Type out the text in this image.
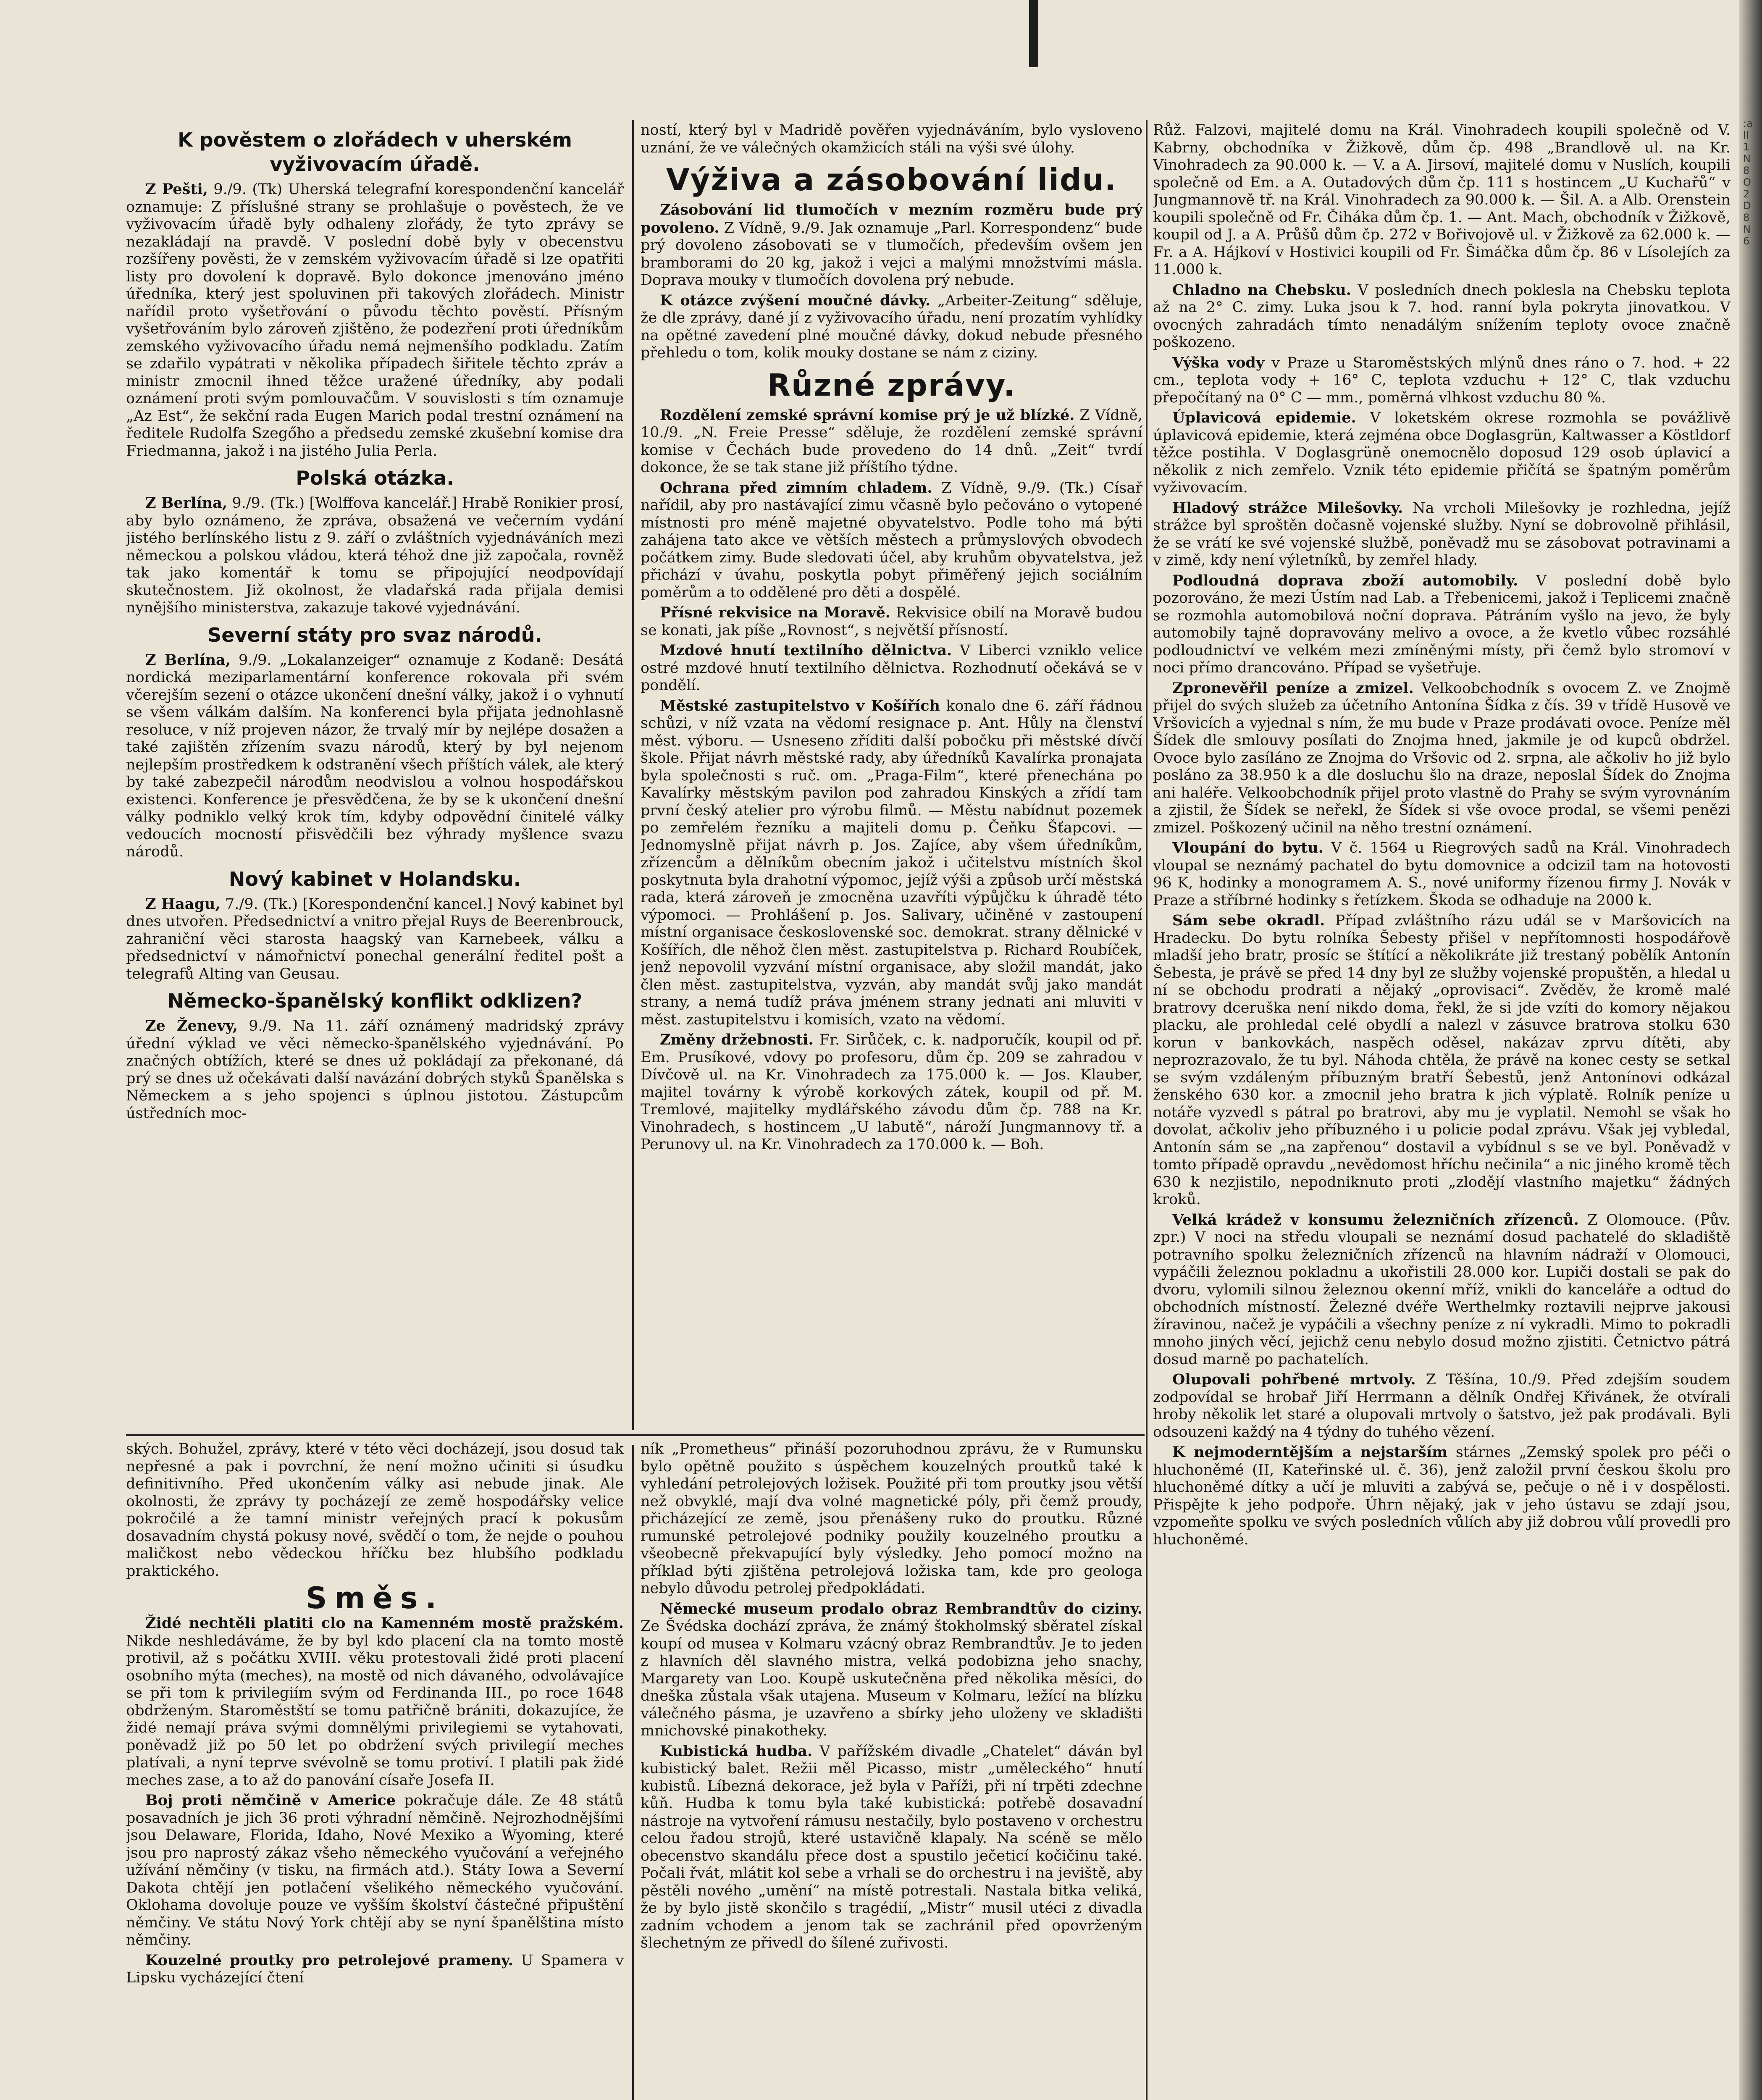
:a ll 1 N 8 O 2 D 8 N 6
K pověstem o zlořádech v uherském vyživovacím úřadě.

Z Pešti, 9./9. (Tk) Uherská telegrafní korespondenční kancelář oznamuje: Z příslušné strany se prohlašuje o pověstech, že ve vyživovacím úřadě byly odhaleny zlořády, že tyto zprávy se nezakládají na pravdě. V poslední době byly v obecenstvu rozšířeny pověsti, že v zemském vyživovacím úřadě si lze opatřiti listy pro dovolení k dopravě. Bylo dokonce jmenováno jméno úředníka, který jest spoluvinen při takových zlořádech. Ministr nařídil proto vyšetřování o původu těchto pověstí. Přísným vyšetřováním bylo zároveň zjištěno, že podezření proti úředníkům zemského vyživovacího úřadu nemá nejmenšího podkladu. Zatím se zdařilo vypátrati v několika případech šiřitele těchto zpráv a ministr zmocnil ihned těžce uražené úředníky, aby podali oznámení proti svým pomlouvačům. V souvislosti s tím oznamuje „Az Est“, že sekční rada Eugen Marich podal trestní oznámení na ředitele Rudolfa Szegőho a předsedu zemské zkušební komise dra Friedmanna, jakož i na jistého Julia Perla.

Polská otázka.

Z Berlína, 9./9. (Tk.) [Wolffova kancelář.] Hrabě Ronikier prosí, aby bylo oznámeno, že zpráva, obsažená ve večerním vydání jistého berlínského listu z 9. září o zvláštních vyjednáváních mezi německou a polskou vládou, která téhož dne již započala, rovněž tak jako komentář k tomu se připojující neodpovídají skutečnostem. Již okolnost, že vladařská rada přijala demisi nynějšího ministerstva, zakazuje takové vyjednávání.

Severní státy pro svaz národů.

Z Berlína, 9./9. „Lokalanzeiger“ oznamuje z Kodaně: Desátá nordická meziparlamentární konference rokovala při svém včerejším sezení o otázce ukončení dnešní války, jakož i o vyhnutí se všem válkám dalším. Na konferenci byla přijata jednohlasně resoluce, v níž projeven názor, že trvalý mír by nejlépe dosažen a také zajištěn zřízením svazu národů, který by byl nejenom nejlepším prostředkem k odstranění všech příštích válek, ale který by také zabezpečil národům neodvislou a volnou hospodářskou existenci. Konference je přesvědčena, že by se k ukončení dnešní války podniklo velký krok tím, kdyby odpovědní činitelé války vedoucích mocností přisvědčili bez výhrady myšlence svazu národů.

Nový kabinet v Holandsku.

Z Haagu, 7./9. (Tk.) [Korespondenční kancel.] Nový kabinet byl dnes utvořen. Předsednictví a vnitro přejal Ruys de Beerenbrouck, zahraniční věci starosta haagský van Karnebeek, válku a předsednictví v námořnictví ponechal generální ředitel pošt a telegrafů Alting van Geusau.

Německo-španělský konflikt odklizen?

Ze Ženevy, 9./9. Na 11. září oznámený madridský zprávy úřední výklad ve věci německo-španělského vyjednávání. Po značných obtížích, které se dnes už pokládají za překonané, dá prý se dnes už očekávati další navázání dobrých styků Španělska s Německem a s jeho spojenci s úplnou jistotou. Zástupcům ústředních moc-

ností, který byl v Madridě pověřen vyjednáváním, bylo vysloveno uznání, že ve válečných okamžicích stáli na výši své úlohy.

Výživa a zásobování lidu.

Zásobování lid tlumočích v mezním rozměru bude prý povoleno. Z Vídně, 9./9. Jak oznamuje „Parl. Korrespondenz“ bude prý dovoleno zásobovati se v tlumočích, především ovšem jen bramborami do 20 kg, jakož i vejci a malými množstvími másla. Doprava mouky v tlumočích dovolena prý nebude.

K otázce zvýšení moučné dávky. „Arbeiter-Zeitung“ sděluje, že dle zprávy, dané jí z vyživovacího úřadu, není prozatím vyhlídky na opětné zavedení plné moučné dávky, dokud nebude přesného přehledu o tom, kolik mouky dostane se nám z ciziny.

Různé zprávy.

Rozdělení zemské správní komise prý je už blízké. Z Vídně, 10./9. „N. Freie Presse“ sděluje, že rozdělení zemské správní komise v Čechách bude provedeno do 14 dnů. „Zeit“ tvrdí dokonce, že se tak stane již příštího týdne.

Ochrana před zimním chladem. Z Vídně, 9./9. (Tk.) Císař nařídil, aby pro nastávající zimu včasně bylo pečováno o vytopené místnosti pro méně majetné obyvatelstvo. Podle toho má býti zahájena tato akce ve větších městech a průmyslových obvodech počátkem zimy. Bude sledovati účel, aby kruhům obyvatelstva, jež přichází v úvahu, poskytla pobyt přiměřený jejich sociálním poměrům a to oddělené pro děti a dospělé.

Přísné rekvisice na Moravě. Rekvisice obilí na Moravě budou se konati, jak píše „Rovnost“, s největší přísností.

Mzdové hnutí textilního dělnictva. V Liberci vzniklo velice ostré mzdové hnutí textilního dělnictva. Rozhodnutí očekává se v pondělí.

Městské zastupitelstvo v Košířích konalo dne 6. září řádnou schůzi, v níž vzata na vědomí resignace p. Ant. Hůly na členství měst. výboru. — Usneseno zříditi další pobočku při městské dívčí škole. Přijat návrh městské rady, aby úředníků Kavalírka pronajata byla společnosti s ruč. om. „Praga-Film“, které přenechána po Kavalírky městským pavilon pod zahradou Kinských a zřídí tam první český atelier pro výrobu filmů. — Městu nabídnut pozemek po zemřelém řezníku a majiteli domu p. Čeňku Šťapcovi. — Jednomyslně přijat návrh p. Jos. Zajíce, aby všem úředníkům, zřízencům a dělníkům obecním jakož i učitelstvu místních škol poskytnuta byla drahotní výpomoc, jejíž výši a způsob určí městská rada, která zároveň je zmocněna uzavříti výpůjčku k úhradě této výpomoci. — Prohlášení p. Jos. Salivary, učiněné v zastoupení místní organisace československé soc. demokrat. strany dělnické v Košířích, dle něhož člen měst. zastupitelstva p. Richard Roubíček, jenž nepovolil vyzvání místní organisace, aby složil mandát, jako člen měst. zastupitelstva, vyzván, aby mandát svůj jako mandát strany, a nemá tudíž práva jménem strany jednati ani mluviti v měst. zastupitelstvu i komisích, vzato na vědomí.

Změny držebnosti. Fr. Sirůček, c. k. nadporučík, koupil od př. Em. Prusíkové, vdovy po profesoru, dům čp. 209 se zahradou v Dívčově ul. na Kr. Vinohradech za 175.000 k. — Jos. Klauber, majitel továrny k výrobě korkových zátek, koupil od př. M. Tremlové, majitelky mydlářského závodu dům čp. 788 na Kr. Vinohradech, s hostincem „U labutě“, nároží Jungmannovy tř. a Perunovy ul. na Kr. Vinohradech za 170.000 k. — Boh.

Růž. Falzovi, majitelé domu na Král. Vinohradech koupili společně od V. Kabrny, obchodníka v Žižkově, dům čp. 498 „Brandlově ul. na Kr. Vinohradech za 90.000 k. — V. a A. Jirsoví, majitelé domu v Nuslích, koupili společně od Em. a A. Outadových dům čp. 111 s hostincem „U Kuchařů“ v Jungmannově tř. na Král. Vinohradech za 90.000 k. — Šil. A. a Alb. Orenstein koupili společně od Fr. Čiháka dům čp. 1. — Ant. Mach, obchodník v Žižkově, koupil od J. a A. Průšů dům čp. 272 v Bořivojově ul. v Žižkově za 62.000 k. — Fr. a A. Hájkoví v Hostivici koupili od Fr. Šimáčka dům čp. 86 v Lísolejích za 11.000 k.

Chladno na Chebsku. V posledních dnech poklesla na Chebsku teplota až na 2° C. zimy. Luka jsou k 7. hod. ranní byla pokryta jinovatkou. V ovocných zahradách tímto nenadálým snížením teploty ovoce značně poškozeno.

Výška vody v Praze u Staroměstských mlýnů dnes ráno o 7. hod. + 22 cm., teplota vody + 16° C, teplota vzduchu + 12° C, tlak vzduchu přepočítaný na 0° C — mm., poměrná vlhkost vzduchu 80 %.

Úplavicová epidemie. V loketském okrese rozmohla se povážlivě úplavicová epidemie, která zejména obce Doglasgrün, Kaltwasser a Köstldorf těžce postihla. V Doglasgrüně onemocnělo doposud 129 osob úplavicí a několik z nich zemřelo. Vznik této epidemie přičítá se špatným poměrům vyživovacím.

Hladový strážce Milešovky. Na vrcholi Milešovky je rozhledna, jejíž strážce byl sproštěn dočasně vojenské služby. Nyní se dobrovolně přihlásil, že se vrátí ke své vojenské službě, poněvadž mu se zásobovat potravinami a v zimě, kdy není výletníků, by zemřel hlady.

Podloudná doprava zboží automobily. V poslední době bylo pozorováno, že mezi Ústím nad Lab. a Třebenicemi, jakož i Teplicemi značně se rozmohla automobilová noční doprava. Pátráním vyšlo na jevo, že byly automobily tajně dopravovány melivo a ovoce, a že kvetlo vůbec rozsáhlé podloudnictví ve velkém mezi zmíněnými místy, při čemž bylo stromoví v noci přímo drancováno. Případ se vyšetřuje.

Zpronevěřil peníze a zmizel. Velkoobchodník s ovocem Z. ve Znojmě přijel do svých služeb za účetního Antonína Šídka z čís. 39 v třídě Husově ve Vršovicích a vyjednal s ním, že mu bude v Praze prodávati ovoce. Peníze měl Šídek dle smlouvy posílati do Znojma hned, jakmile je od kupců obdržel. Ovoce bylo zasíláno ze Znojma do Vršovic od 2. srpna, ale ačkoliv ho již bylo posláno za 38.950 k a dle dosluchu šlo na draze, neposlal Šídek do Znojma ani haléře. Velkoobchodník přijel proto vlastně do Prahy se svým vyrovnáním a zjistil, že Šídek se neřekl, že Šídek si vše ovoce prodal, se všemi penězi zmizel. Poškozený učinil na něho trestní oznámení.

Vloupání do bytu. V č. 1564 u Riegrových sadů na Král. Vinohradech vloupal se neznámý pachatel do bytu domovnice a odcizil tam na hotovosti 96 K, hodinky a monogramem A. S., nové uniformy řízenou firmy J. Novák v Praze a stříbrné hodinky s řetízkem. Škoda se odhaduje na 2000 k.

Sám sebe okradl. Případ zvláštního rázu udál se v Maršovicích na Hradecku. Do bytu rolníka Šebesty přišel v nepřítomnosti hospodářově mladší jeho bratr, prosíc se štítící a několikráte již trestaný pobělík Antonín Šebesta, je právě se před 14 dny byl ze služby vojenské propuštěn, a hledal u ní se obchodu prodrati a nějaký „oprovisaci“. Zvěděv, že kromě malé bratrovy dceruška není nikdo doma, řekl, že si jde vzíti do komory nějakou placku, ale prohledal celé obydlí a nalezl v zásuvce bratrova stolku 630 korun v bankovkách, naspěch oděsel, nakázav zprvu dítěti, aby neprozrazovalo, že tu byl. Náhoda chtěla, že právě na konec cesty se setkal se svým vzdáleným příbuzným bratří Šebestů, jenž Antonínovi odkázal ženského 630 kor. a zmocnil jeho bratra k jich výplatě. Rolník peníze u notáře vyzvedl s pátral po bratrovi, aby mu je vyplatil. Nemohl se však ho dovolat, ačkoliv jeho příbuzného i u policie podal zprávu. Však jej vybledal, Antonín sám se „na zapřenou“ dostavil a vybídnul s se ve byl. Poněvadž v tomto případě opravdu „nevědomost hříchu nečinila“ a nic jiného kromě těch 630 k nezjistilo, nepodniknuto proti „zlodějí vlastního majetku“ žádných kroků.

Velká krádež v konsumu železničních zřízenců. Z Olomouce. (Pův. zpr.) V noci na středu vloupali se neznámí dosud pachatelé do skladiště potravního spolku železničních zřízenců na hlavním nádraží v Olomouci, vypáčili železnou pokladnu a ukořistili 28.000 kor. Lupiči dostali se pak do dvoru, vylomili silnou železnou okenní mříž, vnikli do kanceláře a odtud do obchodních místností. Železné dvéře Werthelmky roztavili nejprve jakousi žíravinou, načež je vypáčili a všechny peníze z ní vykradli. Mimo to pokradli mnoho jiných věcí, jejichž cenu nebylo dosud možno zjistiti. Četnictvo pátrá dosud marně po pachatelích.

Olupovali pohřbené mrtvoly. Z Těšína, 10./9. Před zdejším soudem zodpovídal se hrobař Jiří Herrmann a dělník Ondřej Křivánek, že otvírali hroby několik let staré a olupovali mrtvoly o šatstvo, jež pak prodávali. Byli odsouzeni každý na 4 týdny do tuhého vězení.

K nejmoderntějším a nejstarším stárnes „Zemský spolek pro péči o hluchoněmé (II, Kateřinské ul. č. 36), jenž založil první českou školu pro hluchoněmé dítky a učí je mluviti a zabývá se, pečuje o ně i v dospělosti. Přispějte k jeho podpoře. Úhrn nějaký, jak v jeho ústavu se zdají jsou, vzpomeňte spolku ve svých posledních vůlích aby již dobrou vůlí provedli pro hluchoněmé.

ských. Bohužel, zprávy, které v této věci docházejí, jsou dosud tak nepřesné a pak i povrchní, že není možno učiniti si úsudku definitivního. Před ukončením války asi nebude jinak. Ale okolnosti, že zprávy ty pocházejí ze země hospodářsky velice pokročilé a že tamní ministr veřejných prací k pokusům dosavadním chystá pokusy nové, svědčí o tom, že nejde o pouhou maličkost nebo vědeckou hříčku bez hlubšího podkladu praktického.

Směs.

Židé nechtěli platiti clo na Kamenném mostě pražském. Nikde neshledáváme, že by byl kdo placení cla na tomto mostě protivil, až s počátku XVIII. věku protestovali židé proti placení osobního mýta (meches), na mostě od nich dávaného, odvolávajíce se při tom k privilegiím svým od Ferdinanda III., po roce 1648 obdrženým. Staroměstští se tomu patřičně brániti, dokazujíce, že židé nemají práva svými domnělými privilegiemi se vytahovati, poněvadž již po 50 let po obdržení svých privilegií meches platívali, a nyní teprve svévolně se tomu protiví. I platili pak židé meches zase, a to až do panování císaře Josefa II.

Boj proti němčině v Americe pokračuje dále. Ze 48 států posavadních je jich 36 proti výhradní němčině. Nejrozhodnějšími jsou Delaware, Florida, Idaho, Nové Mexiko a Wyoming, které jsou pro naprostý zákaz všeho německého vyučování a veřejného užívání němčiny (v tisku, na firmách atd.). Státy Iowa a Severní Dakota chtějí jen potlačení všelikého německého vyučování. Oklohama dovoluje pouze ve vyšším školství částečné připuštění němčiny. Ve státu Nový York chtějí aby se nyní španělština místo němčiny.

Kouzelné proutky pro petrolejové prameny. U Spamera v Lipsku vycházející čtení

ník „Prometheus“ přináší pozoruhodnou zprávu, že v Rumunsku bylo opětně použito s úspěchem kouzelných proutků také k vyhledání petrolejových ložisek. Použité při tom proutky jsou větší než obvyklé, mají dva volné magnetické póly, při čemž proudy, přicházející ze země, jsou přenášeny ruko do proutku. Různé rumunské petrolejové podniky použily kouzelného proutku a všeobecně překvapující byly výsledky. Jeho pomocí možno na příklad býti zjištěna petrolejová ložiska tam, kde pro geologa nebylo důvodu petrolej předpokládati.

Německé museum prodalo obraz Rembrandtův do ciziny. Ze Švédska dochází zpráva, že známý štokholmský sběratel získal koupí od musea v Kolmaru vzácný obraz Rembrandtův. Je to jeden z hlavních děl slavného mistra, velká podobizna jeho snachy, Margarety van Loo. Koupě uskutečněna před několika měsíci, do dneška zůstala však utajena. Museum v Kolmaru, ležící na blízku válečného pásma, je uzavřeno a sbírky jeho uloženy ve skladišti mnichovské pinakotheky.

Kubistická hudba. V pařížském divadle „Chatelet“ dáván byl kubistický balet. Režii měl Picasso, mistr „uměleckého“ hnutí kubistů. Líbezná dekorace, jež byla v Paříži, při ní trpěti zdechne kůň. Hudba k tomu byla také kubistická: potřebě dosavadní nástroje na vytvoření rámusu nestačily, bylo postaveno v orchestru celou řadou strojů, které ustavičně klapaly. Na scéně se mělo obecenstvo skandálu přece dost a spustilo ječeticí kočičinu také. Počali řvát, mlátit kol sebe a vrhali se do orchestru i na jeviště, aby pěstěli nového „umění“ na místě potrestali. Nastala bitka veliká, že by bylo jistě skončilo s tragédií, „Mistr“ musil utéci z divadla zadním vchodem a jenom tak se zachránil před opovrženým šlechetným ze přivedl do šílené zuřivosti.
